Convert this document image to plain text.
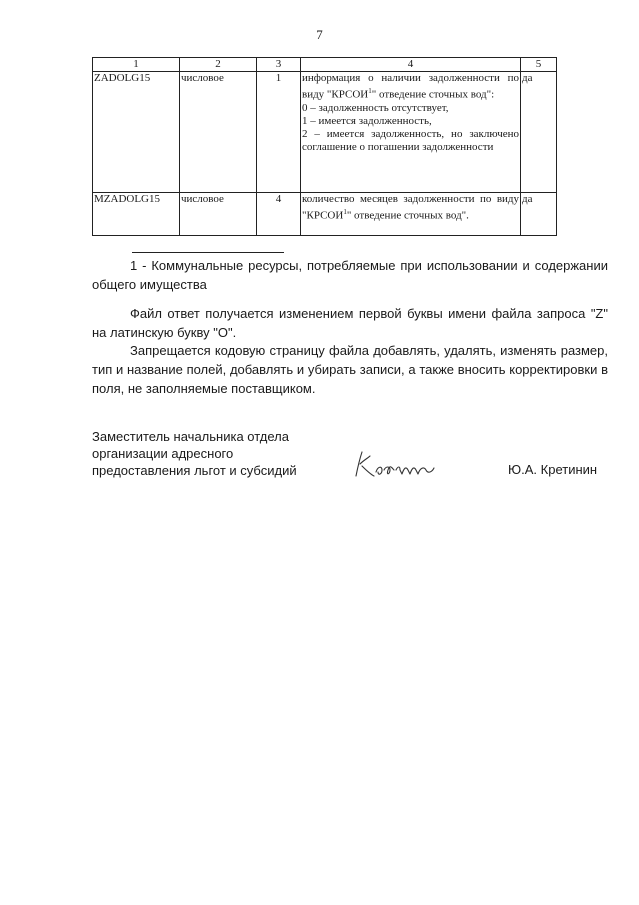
7
1	2	3	4	5
ZADOLG15	числовое	1	информация о наличии задолженности по виду "КРСОИ$^1$" отведение сточных вод":
0 – задолженность отсутствует,
1 – имеется задолженность,
2 – имеется задолженность, но заключено соглашение о погашении задолженности	да
MZADOLG15	числовое	4	количество месяцев задолженности по виду "КРСОИ$^1$" отведение сточных вод".	да
1 - Коммунальные ресурсы, потребляемые при использовании и содержании общего имущества
Файл ответ получается изменением первой буквы имени файла запроса "Z" на латинскую букву "O".
Запрещается кодовую страницу файла добавлять, удалять, изменять размер, тип и название полей, добавлять и убирать записи, а также вносить корректировки в поля, не заполняемые поставщиком.
Заместитель начальника отдела
организации адресного
предоставления льгот и субсидий	Ю.А. Кретинин
